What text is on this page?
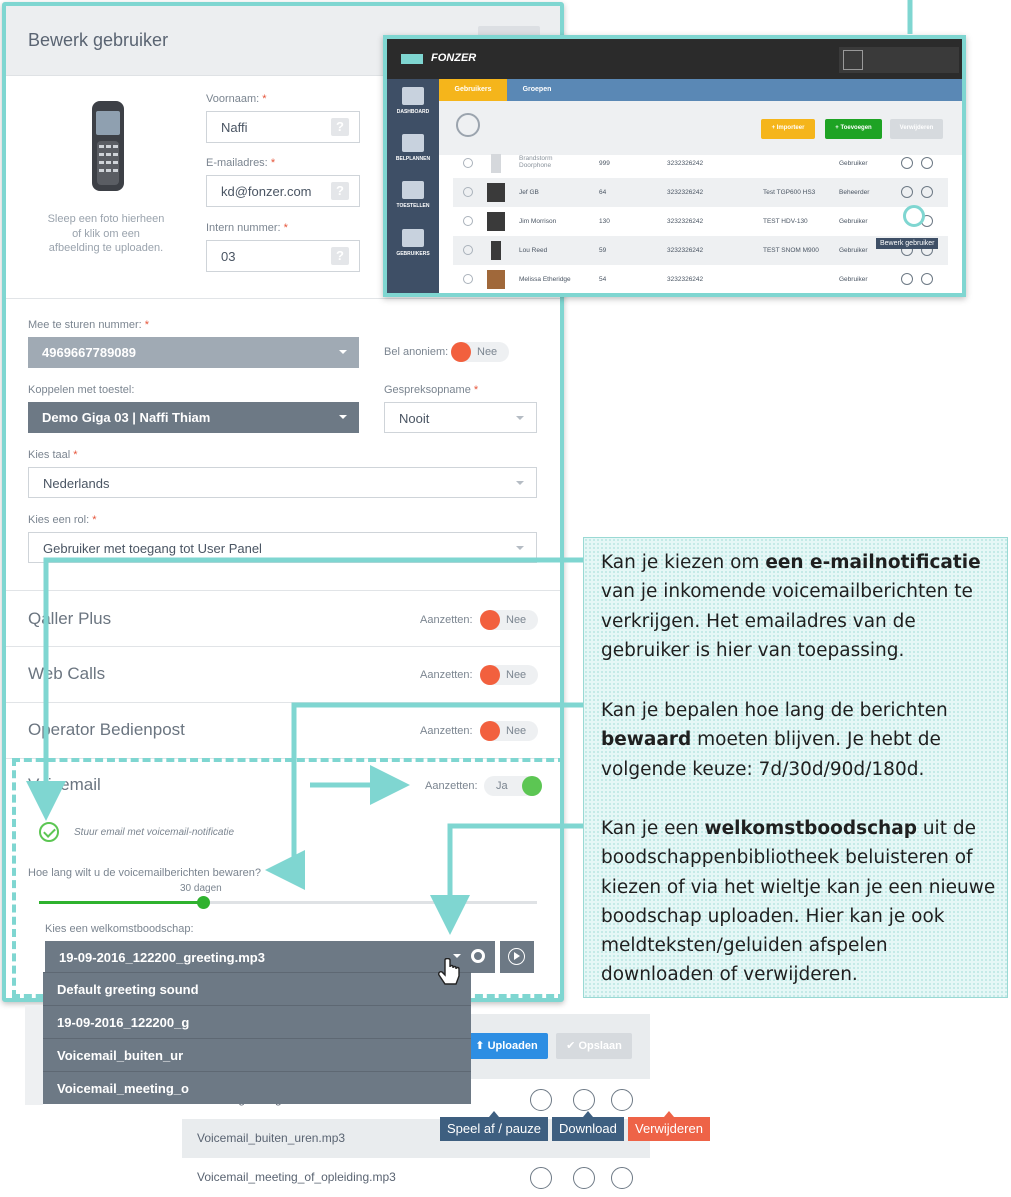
Bewerk gebruiker
Sleep een foto hierheen of klik om een afbeelding te uploaden.
Voornaam: *
Naffi	?
E-mailadres: *
kd@fonzer.com	?
Intern nummer: *
03	?
Mee te sturen nummer: *
4969667789089	Bel anoniem:	Nee
Koppelen met toestel:
Demo Giga 03 | Naffi Thiam
Gespreksopname *
Nooit
Kies taal *
Nederlands
Kies een rol: *
Gebruiker met toegang tot User Panel
Qaller Plus	Aanzetten:	Nee
Web Calls	Aanzetten:	Nee
Operator Bedienpost	Aanzetten:	Nee
Voicemail	Aanzetten: Ja
Stuur email met voicemail-notificatie
Hoe lang wilt u de voicemailberichten bewaren?
30 dagen
Kies een welkomstboodschap:
19-09-2016_122200_greeting.mp3
Default greeting sound
19-09-2016_122200_g
Voicemail_buiten_ur
Voicemail_meeting_o
FONZER
DASHBOARD
BELPLANNEN
TOESTELLEN
GEBRUIKERS
Gebruikers	Groepen
+ Importeer	+ Toevoegen	Verwijderen
Brandstorm Doorphone	999	3232326242	Gebruiker
Jef GB	64	3232326242	Test TGP600 HS3	Beheerder
Jim Morrison	130	3232326242	TEST HDV-130	Gebruiker
Lou Reed	59	3232326242	TEST SNOM M900	Gebruiker
Melissa Etheridge	54	3232326242	Gebruiker
Bewerk gebruiker
Kan je kiezen om een e-mailnotificatie van je inkomende voicemailberichten te verkrijgen. Het emailadres van de gebruiker is hier van toepassing.
Kan je bepalen hoe lang de berichten bewaard moeten blijven. Je hebt de volgende keuze: 7d/30d/90d/180d.
Kan je een welkomstboodschap uit de boodschappenbibliotheek beluisteren of kiezen of via het wieltje kan je een nieuwe boodschap uploaden. Hier kan je ook meldteksten/geluiden afspelen downloaden of verwijderen.
⬆ Uploaden	✔ Opslaan
Voicemail_buiten_uren.mp3
Voicemail_meeting_of_opleiding.mp3
Speel af / pauze	Download	Verwijderen
